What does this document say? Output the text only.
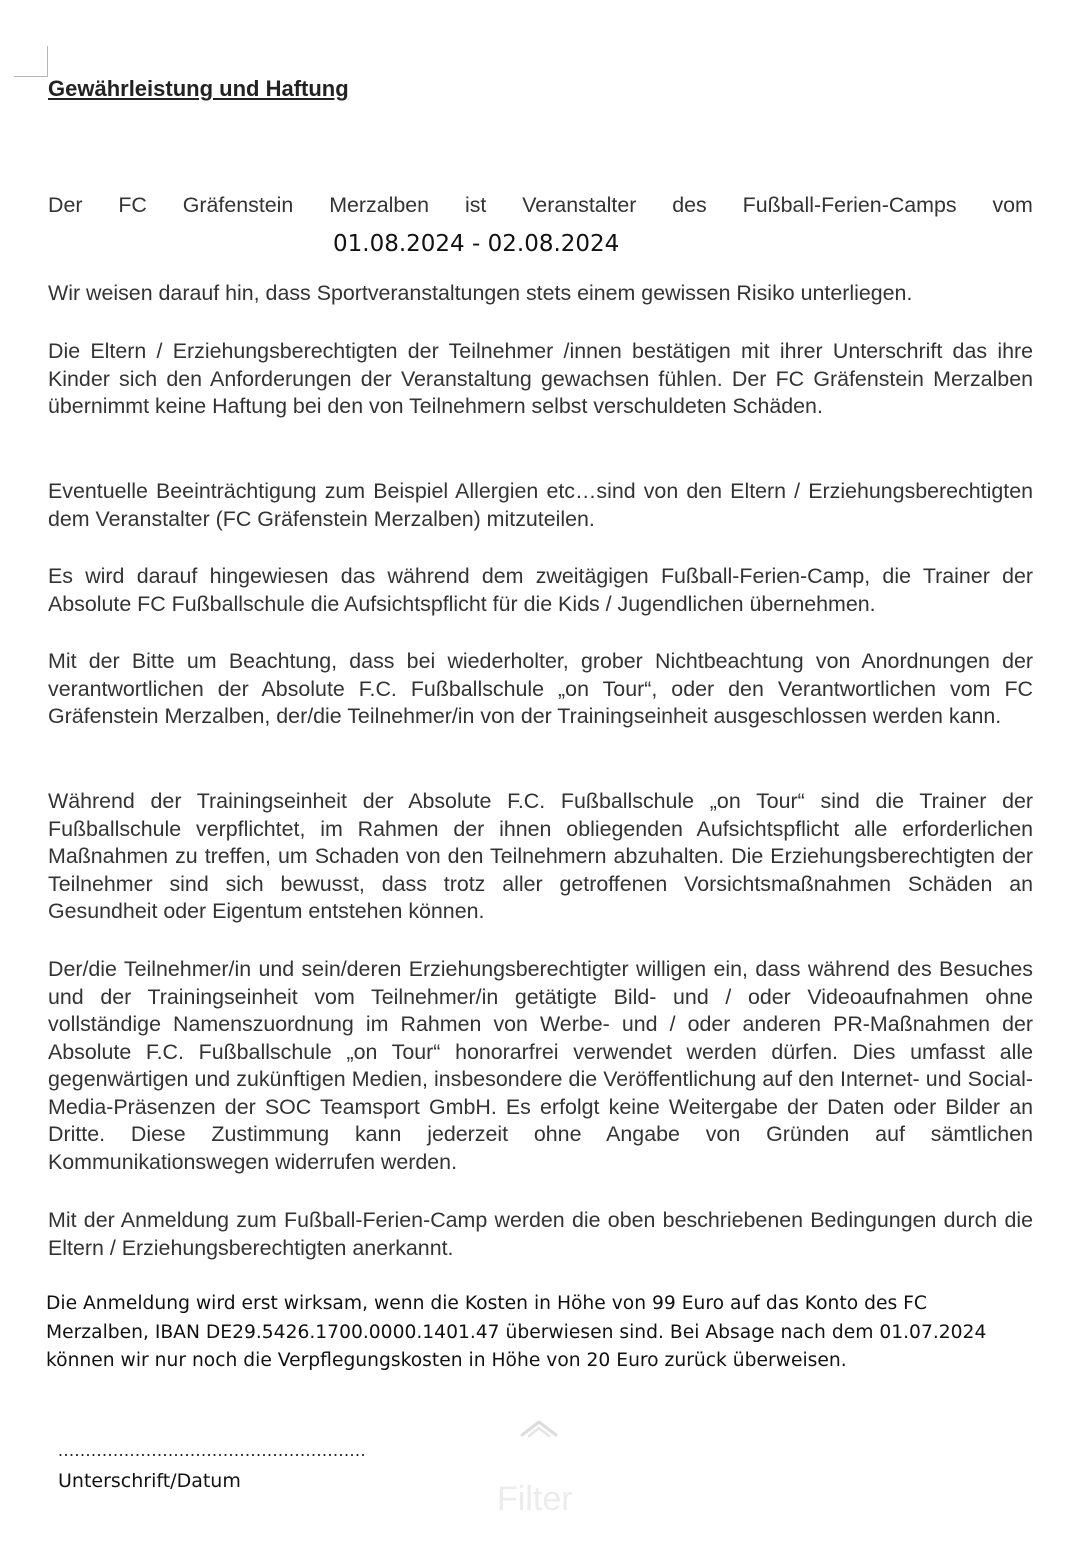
Gewährleistung und Haftung
Der FC Gräfenstein Merzalben ist Veranstalter des Fußball-Ferien-Camps vom
01.08.2024 - 02.08.2024
Wir weisen darauf hin, dass Sportveranstaltungen stets einem gewissen Risiko unterliegen.
Die Eltern / Erziehungsberechtigten der Teilnehmer /innen bestätigen mit ihrer Unterschrift das ihre Kinder sich den Anforderungen der Veranstaltung gewachsen fühlen. Der FC Gräfenstein Merzalben übernimmt keine Haftung bei den von Teilnehmern selbst verschuldeten Schäden.
Eventuelle Beeinträchtigung zum Beispiel Allergien etc…sind von den Eltern / Erziehungsberechtigten dem Veranstalter (FC Gräfenstein Merzalben) mitzuteilen.
Es wird darauf hingewiesen das während dem zweitägigen Fußball-Ferien-Camp, die Trainer der Absolute FC Fußballschule die Aufsichtspflicht für die Kids / Jugendlichen übernehmen.
Mit der Bitte um Beachtung, dass bei wiederholter, grober Nichtbeachtung von Anordnungen der verantwortlichen der Absolute F.C. Fußballschule „on Tour“, oder den Verantwortlichen vom FC Gräfenstein Merzalben, der/die Teilnehmer/in von der Trainingseinheit ausgeschlossen werden kann.
Während der Trainingseinheit der Absolute F.C. Fußballschule „on Tour“ sind die Trainer der Fußballschule verpflichtet, im Rahmen der ihnen obliegenden Aufsichtspflicht alle erforderlichen Maßnahmen zu treffen, um Schaden von den Teilnehmern abzuhalten. Die Erziehungsberechtigten der Teilnehmer sind sich bewusst, dass trotz aller getroffenen Vorsichtsmaßnahmen Schäden an Gesundheit oder Eigentum entstehen können.
Der/die Teilnehmer/in und sein/deren Erziehungsberechtigter willigen ein, dass während des Besuches und der Trainingseinheit vom Teilnehmer/in getätigte Bild- und / oder Videoaufnahmen ohne vollständige Namenszuordnung im Rahmen von Werbe- und / oder anderen PR-Maßnahmen der Absolute F.C. Fußballschule „on Tour“ honorarfrei verwendet werden dürfen. Dies umfasst alle gegenwärtigen und zukünftigen Medien, insbesondere die Veröffentlichung auf den Internet- und Social-Media-Präsenzen der SOC Teamsport GmbH. Es erfolgt keine Weitergabe der Daten oder Bilder an Dritte. Diese Zustimmung kann jederzeit ohne Angabe von Gründen auf sämtlichen Kommunikationswegen widerrufen werden.
Mit der Anmeldung zum Fußball-Ferien-Camp werden die oben beschriebenen Bedingungen durch die Eltern / Erziehungsberechtigten anerkannt.
Die Anmeldung wird erst wirksam, wenn die Kosten in Höhe von 99 Euro auf das Konto des FC
Merzalben, IBAN DE29.5426.1700.0000.1401.47 überwiesen sind. Bei Absage nach dem 01.07.2024
können wir nur noch die Verpflegungskosten in Höhe von 20 Euro zurück überweisen.
........................................................
Unterschrift/Datum	Filter
